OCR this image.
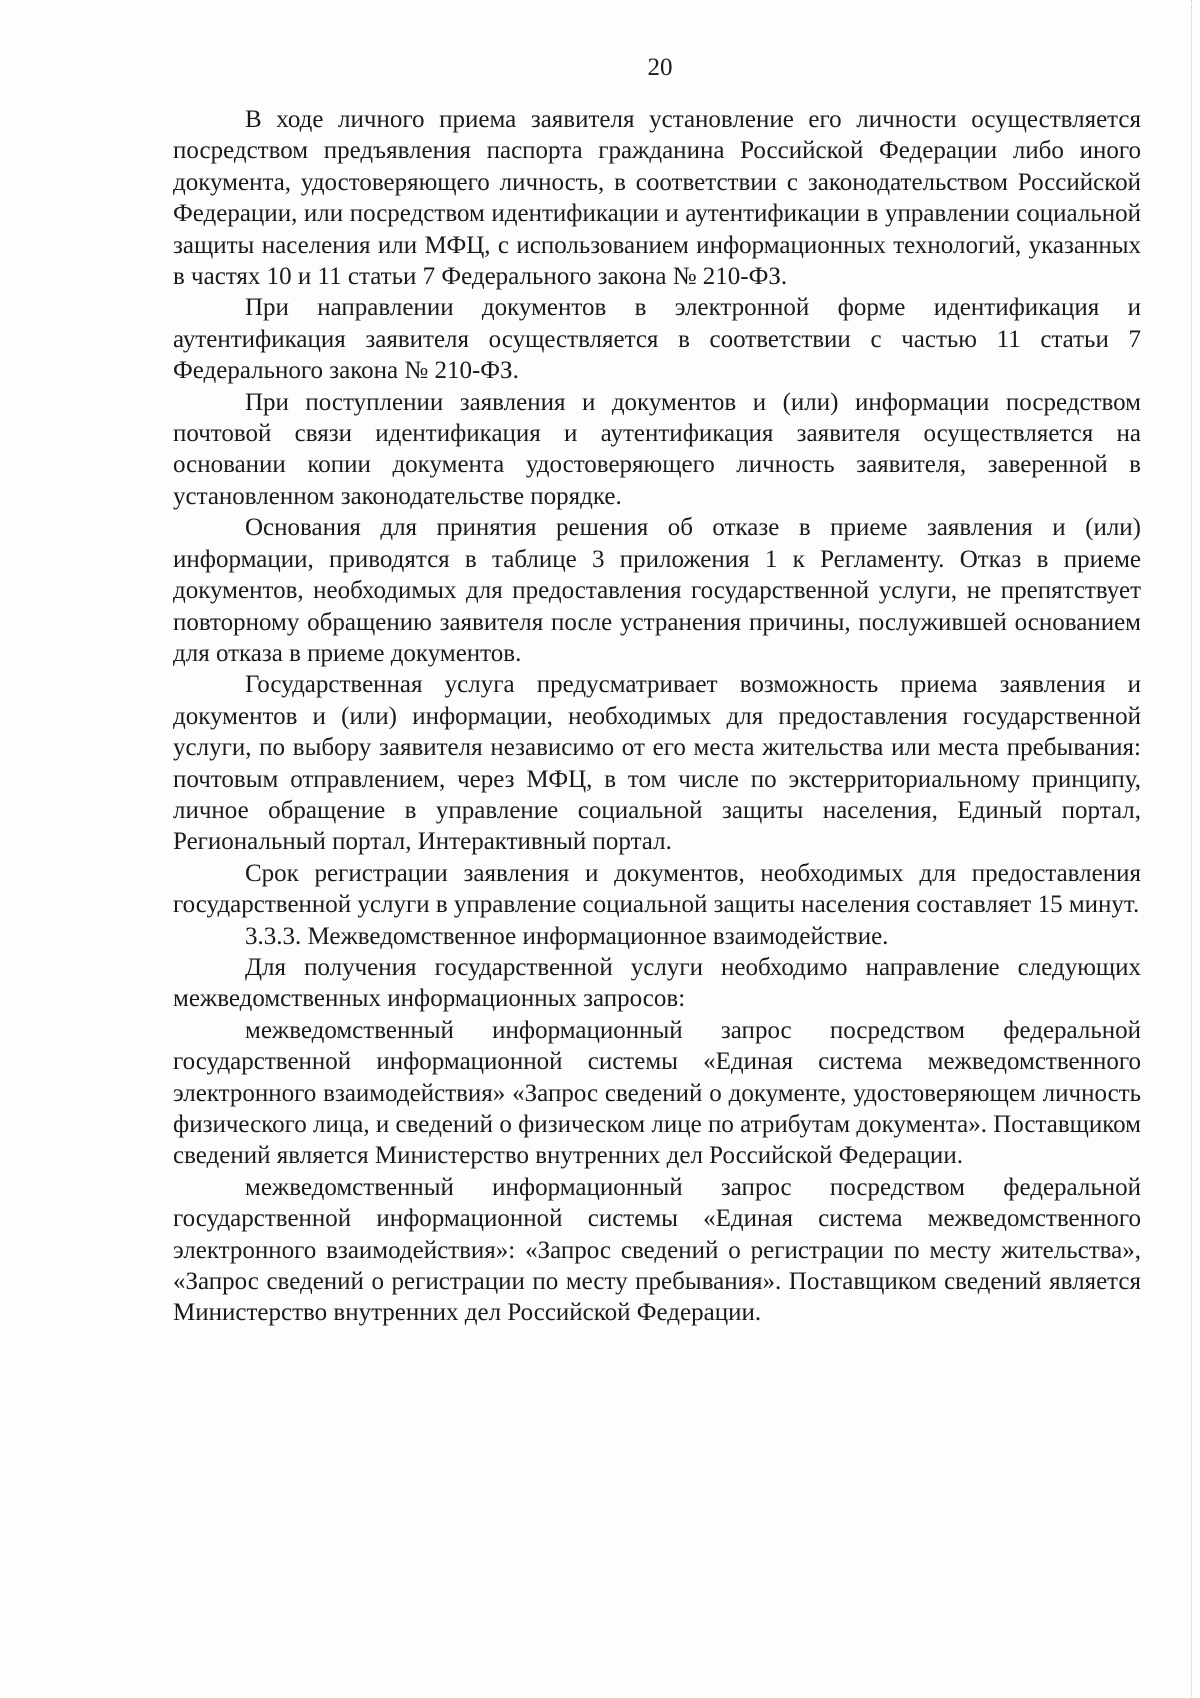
20

В ходе личного приема заявителя установление его личности осуществляется посредством предъявления паспорта гражданина Российской Федерации либо иного документа, удостоверяющего личность, в соответствии с законодательством Российской Федерации, или посредством идентификации и аутентификации в управлении социальной защиты населения или МФЦ, с использованием информационных технологий, указанных в частях 10 и 11 статьи 7 Федерального закона № 210-ФЗ.

При направлении документов в электронной форме идентификация и аутентификация заявителя осуществляется в соответствии с частью 11 статьи 7 Федерального закона № 210-ФЗ.

При поступлении заявления и документов и (или) информации посредством почтовой связи идентификация и аутентификация заявителя осуществляется на основании копии документа удостоверяющего личность заявителя, заверенной в установленном законодательстве порядке.

Основания для принятия решения об отказе в приеме заявления и (или) информации, приводятся в таблице 3 приложения 1 к Регламенту. Отказ в приеме документов, необходимых для предоставления государственной услуги, не препятствует повторному обращению заявителя после устранения причины, послужившей основанием для отказа в приеме документов.

Государственная услуга предусматривает возможность приема заявления и документов и (или) информации, необходимых для предоставления государственной услуги, по выбору заявителя независимо от его места жительства или места пребывания: почтовым отправлением, через МФЦ, в том числе по экстерриториальному принципу, личное обращение в управление социальной защиты населения, Единый портал, Региональный портал, Интерактивный портал.

Срок регистрации заявления и документов, необходимых для предоставления государственной услуги в управление социальной защиты населения составляет 15 минут.

3.3.3. Межведомственное информационное взаимодействие.

Для получения государственной услуги необходимо направление следующих межведомственных информационных запросов:

межведомственный информационный запрос посредством федеральной государственной информационной системы «Единая система межведомственного электронного взаимодействия» «Запрос сведений о документе, удостоверяющем личность физического лица, и сведений о физическом лице по атрибутам документа». Поставщиком сведений является Министерство внутренних дел Российской Федерации.

межведомственный информационный запрос посредством федеральной государственной информационной системы «Единая система межведомственного электронного взаимодействия»: «Запрос сведений о регистрации по месту жительства», «Запрос сведений о регистрации по месту пребывания». Поставщиком сведений является Министерство внутренних дел Российской Федерации.
